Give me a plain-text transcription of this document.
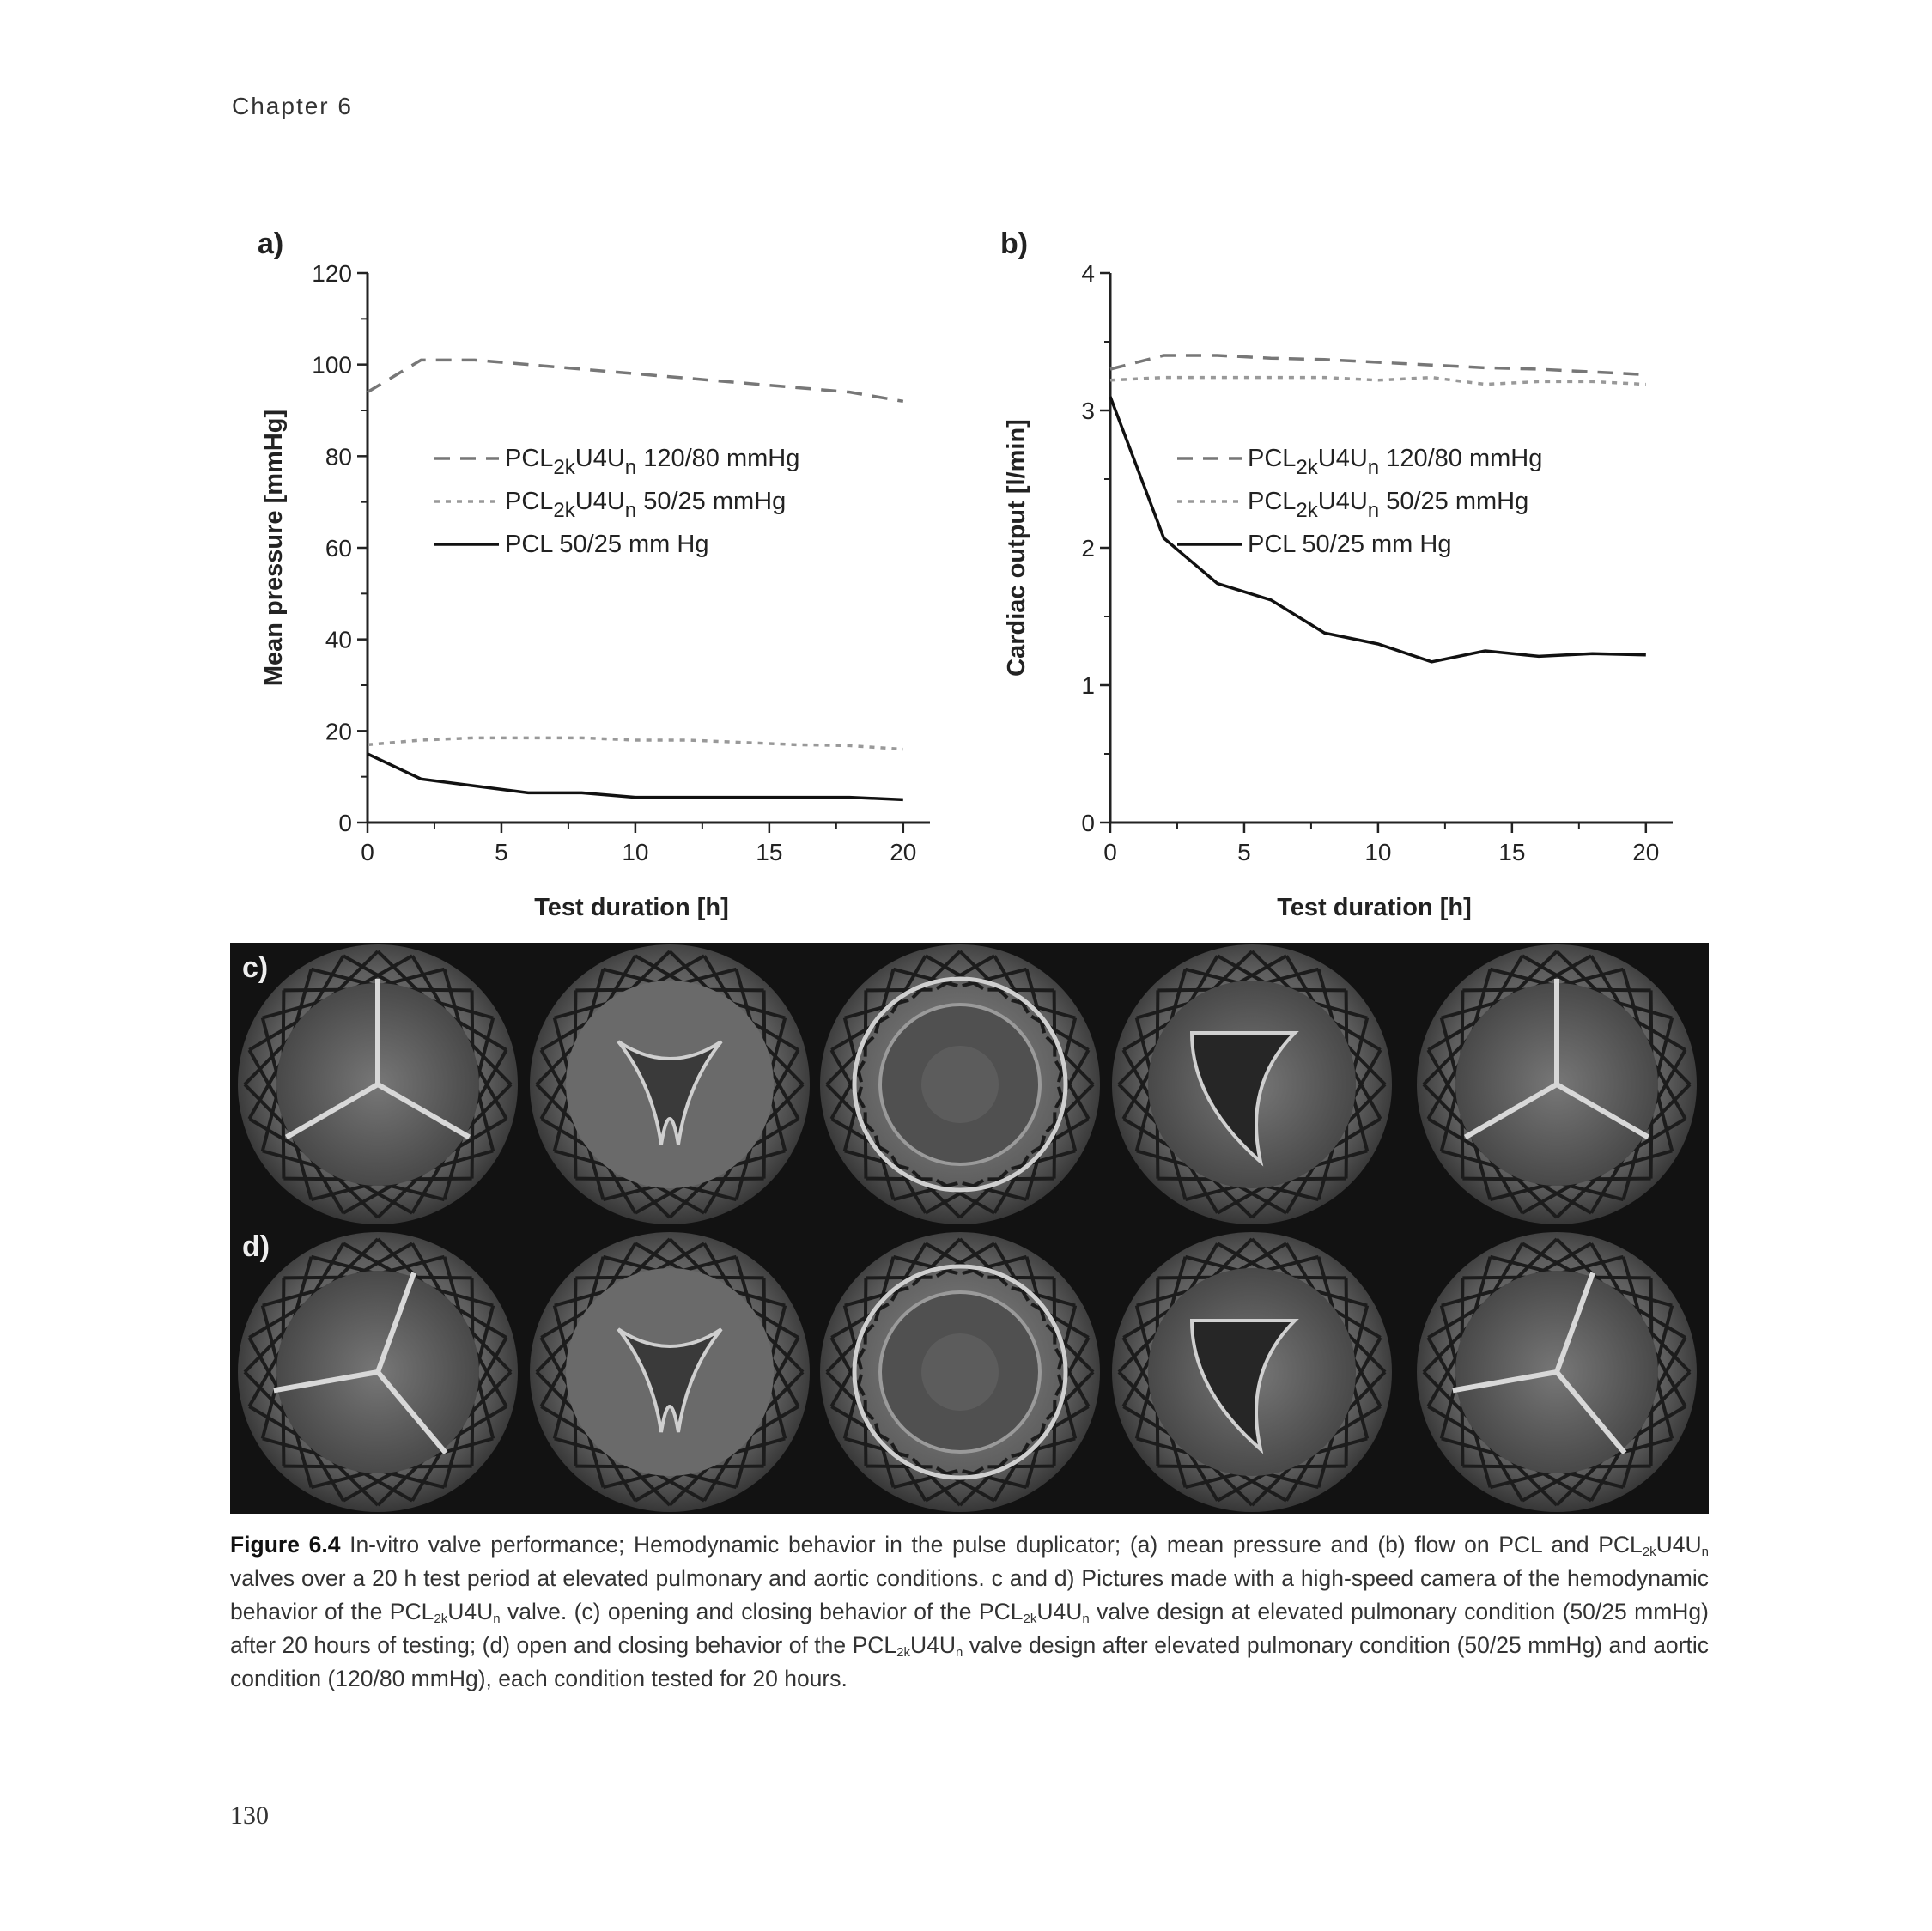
Chapter 6
a)
0
20
40
60
80
100
120
0	5	10	15	20
Test duration [h]
Mean pressure [mmHg]	$PCL_{2k}U4U_n$ 120/80 mmHg
$PCL_{2k}U4U_n$ 50/25 mmHg
PCL 50/25 mm Hg
b)
0
1
2
3
4
0	5	10	15	20
Test duration [h]
Cardiac output [l/min]	$PCL_{2k}U4U_n$ 120/80 mmHg
$PCL_{2k}U4U_n$ 50/25 mmHg
PCL 50/25 mm Hg
c)
d)
Figure 6.4 In-vitro valve performance; Hemodynamic behavior in the pulse duplicator; (a) mean pressure and (b) flow on PCL and $PCL_{2k}U4U_n$ valves over a 20 h test period at elevated pulmonary and aortic conditions. c and d) Pictures made with a high-speed camera of the hemodynamic behavior of the $PCL_{2k}U4U_n$ valve. (c) opening and closing behavior of the $PCL_{2k}U4U_n$ valve design at elevated pulmonary condition (50/25 mmHg) after 20 hours of testing; (d) open and closing behavior of the $PCL_{2k}U4U_n$ valve design after elevated pulmonary condition (50/25 mmHg) and aortic condition (120/80 mmHg), each condition tested for 20 hours.
130
